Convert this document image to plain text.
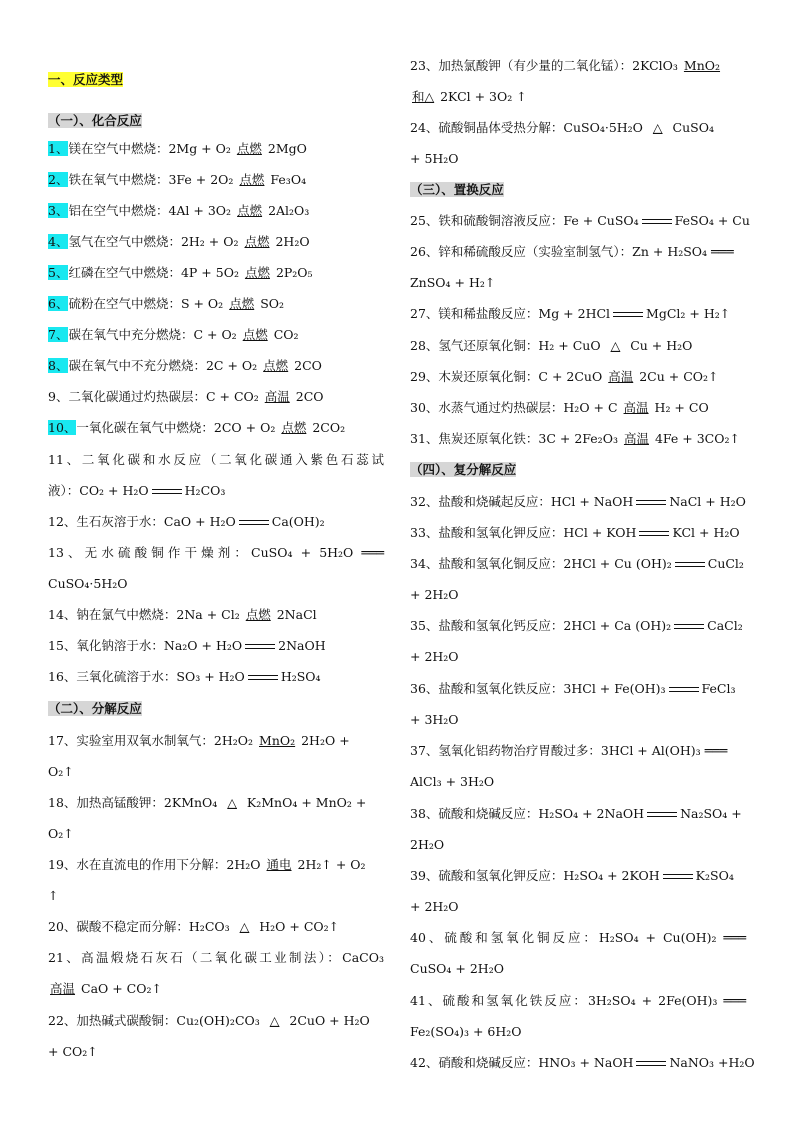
一、反应类型
（一）、化合反应
1、镁在空气中燃烧：2Mg + O₂ 点燃 2MgO
2、铁在氧气中燃烧：3Fe + 2O₂ 点燃 Fe₃O₄
3、铝在空气中燃烧：4Al + 3O₂ 点燃 2Al₂O₃
4、氢气在空气中燃烧：2H₂ + O₂ 点燃 2H₂O
5、红磷在空气中燃烧：4P + 5O₂ 点燃 2P₂O₅
6、硫粉在空气中燃烧：S + O₂ 点燃 SO₂
7、碳在氧气中充分燃烧：C + O₂ 点燃 CO₂
8、碳在氧气中不充分燃烧：2C + O₂ 点燃 2CO
9、二氧化碳通过灼热碳层：C + CO₂ 高温 2CO
10、一氧化碳在氧气中燃烧：2CO + O₂ 点燃 2CO₂
11、二氧化碳和水反应（二氧化碳通入紫色石蕊试
液）：CO₂ + H₂O	H₂CO₃
12、生石灰溶于水：CaO + H₂O	Ca(OH)₂
13、无水硫酸铜作干燥剂：CuSO₄ + 5H₂O ═══
CuSO₄·5H₂O
14、钠在氯气中燃烧：2Na + Cl₂ 点燃 2NaCl
15、氧化钠溶于水：Na₂O + H₂O	2NaOH
16、三氧化硫溶于水：SO₃ + H₂O	H₂SO₄
（二）、分解反应
17、实验室用双氧水制氧气：2H₂O₂ MnO₂ 2H₂O +
O₂↑
18、加热高锰酸钾：2KMnO₄ △ K₂MnO₄ + MnO₂ +
O₂↑
19、水在直流电的作用下分解：2H₂O 通电 2H₂↑ + O₂
↑
20、碳酸不稳定而分解：H₂CO₃ △ H₂O + CO₂↑
21、高温煅烧石灰石（二氧化碳工业制法）：CaCO₃
高温 CaO + CO₂↑
22、加热碱式碳酸铜：Cu₂(OH)₂CO₃ △ 2CuO + H₂O
+ CO₂↑
23、加热氯酸钾（有少量的二氧化锰）：2KClO₃ MnO₂
和△ 2KCl + 3O₂ ↑
24、硫酸铜晶体受热分解：CuSO₄·5H₂O △ CuSO₄
+ 5H₂O
（三）、置换反应
25、铁和硫酸铜溶液反应：Fe + CuSO₄	FeSO₄ + Cu
26、锌和稀硫酸反应（实验室制氢气）：Zn + H₂SO₄ ═══
ZnSO₄ + H₂↑
27、镁和稀盐酸反应：Mg + 2HCl	MgCl₂ + H₂↑
28、氢气还原氧化铜：H₂ + CuO △ Cu + H₂O
29、木炭还原氧化铜：C + 2CuO 高温 2Cu + CO₂↑
30、水蒸气通过灼热碳层：H₂O + C 高温 H₂ + CO
31、焦炭还原氧化铁：3C + 2Fe₂O₃ 高温 4Fe + 3CO₂↑
（四）、复分解反应
32、盐酸和烧碱起反应：HCl + NaOH	NaCl + H₂O
33、盐酸和氢氧化钾反应：HCl + KOH	KCl + H₂O
34、盐酸和氢氧化铜反应：2HCl + Cu (OH)₂	CuCl₂
+ 2H₂O
35、盐酸和氢氧化钙反应：2HCl + Ca (OH)₂	CaCl₂
+ 2H₂O
36、盐酸和氢氧化铁反应：3HCl + Fe(OH)₃	FeCl₃
+ 3H₂O
37、氢氧化铝药物治疗胃酸过多：3HCl + Al(OH)₃ ═══
AlCl₃ + 3H₂O
38、硫酸和烧碱反应：H₂SO₄ + 2NaOH	Na₂SO₄ +
2H₂O
39、硫酸和氢氧化钾反应：H₂SO₄ + 2KOH	K₂SO₄
+ 2H₂O
40、硫酸和氢氧化铜反应：H₂SO₄ + Cu(OH)₂ ═══
CuSO₄ + 2H₂O
41、硫酸和氢氧化铁反应：3H₂SO₄ + 2Fe(OH)₃ ═══
Fe₂(SO₄)₃ + 6H₂O
42、硝酸和烧碱反应：HNO₃ + NaOH	NaNO₃ +H₂O
